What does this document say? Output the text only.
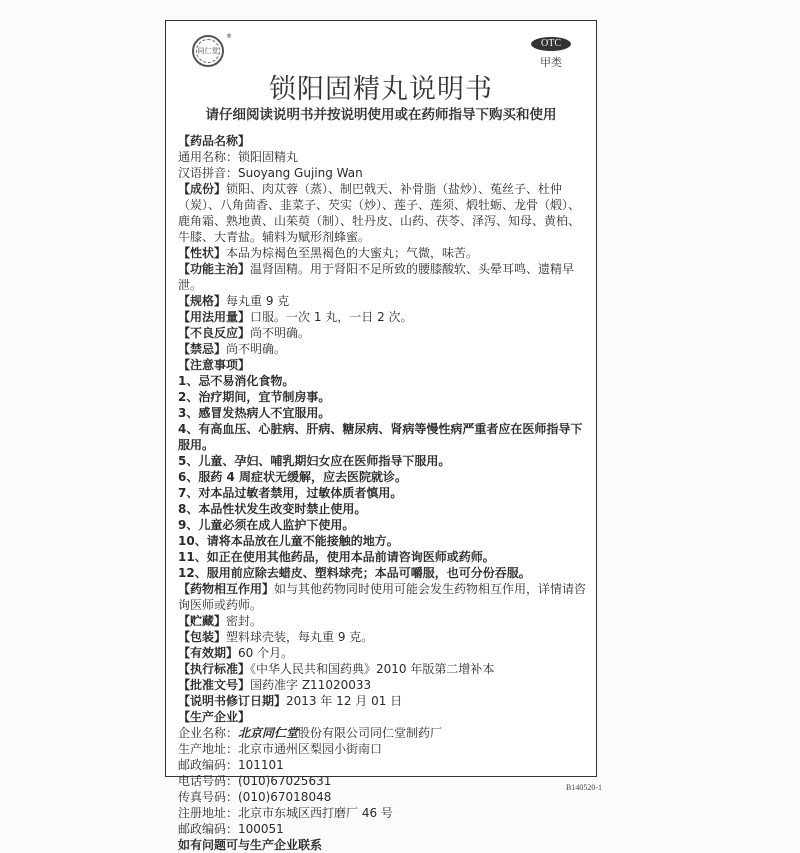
同仁堂
®
OTC
甲类
锁阳固精丸说明书
请仔细阅读说明书并按说明使用或在药师指导下购买和使用

【药品名称】

通用名称：锁阳固精丸

汉语拼音：Suoyang Gujing Wan

【成份】锁阳、肉苁蓉（蒸）、制巴戟天、补骨脂（盐炒）、菟丝子、杜仲（炭）、八角茴香、韭菜子、芡实（炒）、莲子、莲须、煅牡蛎、龙骨（煅）、鹿角霜、熟地黄、山茱萸（制）、牡丹皮、山药、茯苓、泽泻、知母、黄柏、牛膝、大青盐。辅料为赋形剂蜂蜜。

【性状】本品为棕褐色至黑褐色的大蜜丸；气微，味苦。

【功能主治】温肾固精。用于肾阳不足所致的腰膝酸软、头晕耳鸣、遗精早泄。

【规格】每丸重 9 克

【用法用量】口服。一次 1 丸，一日 2 次。

【不良反应】尚不明确。

【禁忌】尚不明确。

【注意事项】

1、忌不易消化食物。

2、治疗期间，宜节制房事。

3、感冒发热病人不宜服用。

4、有高血压、心脏病、肝病、糖尿病、肾病等慢性病严重者应在医师指导下服用。

5、儿童、孕妇、哺乳期妇女应在医师指导下服用。

6、服药 4 周症状无缓解，应去医院就诊。

7、对本品过敏者禁用，过敏体质者慎用。

8、本品性状发生改变时禁止使用。

9、儿童必须在成人监护下使用。

10、请将本品放在儿童不能接触的地方。

11、如正在使用其他药品，使用本品前请咨询医师或药师。

12、服用前应除去蜡皮、塑料球壳；本品可嚼服，也可分份吞服。

【药物相互作用】如与其他药物同时使用可能会发生药物相互作用，详情请咨询医师或药师。

【贮藏】密封。

【包装】塑料球壳装，每丸重 9 克。

【有效期】60 个月。

【执行标准】《中华人民共和国药典》2010 年版第二增补本

【批准文号】国药准字 Z11020033

【说明书修订日期】2013 年 12 月 01 日

【生产企业】

企业名称：北京同仁堂股份有限公司同仁堂制药厂

生产地址：北京市通州区梨园小街南口

邮政编码：101101

电话号码：(010)67025631

传真号码：(010)67018048

注册地址：北京市东城区西打磨厂 46 号

邮政编码：100051

如有问题可与生产企业联系

B140520-1
